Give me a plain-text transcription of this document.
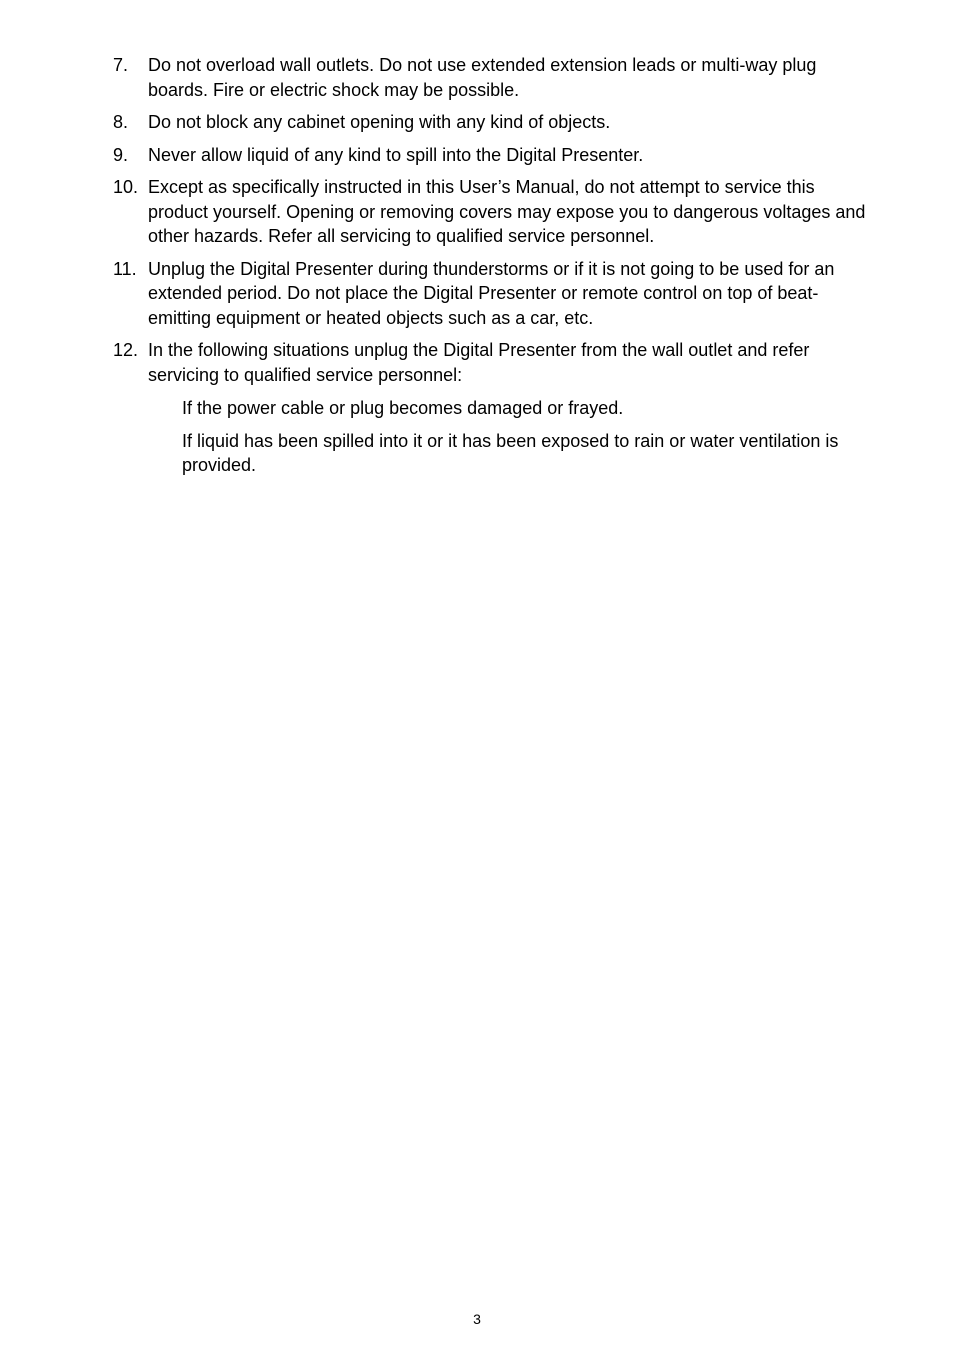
7. Do not overload wall outlets. Do not use extended extension leads or multi-way plug boards. Fire or electric shock may be possible.
8. Do not block any cabinet opening with any kind of objects.
9. Never allow liquid of any kind to spill into the Digital Presenter.
10. Except as specifically instructed in this User’s Manual, do not attempt to service this product yourself. Opening or removing covers may expose you to dangerous voltages and other hazards. Refer all servicing to qualified service personnel.
11. Unplug the Digital Presenter during thunderstorms or if it is not going to be used for an extended period. Do not place the Digital Presenter or remote control on top of beat-emitting equipment or heated objects such as a car, etc.
12. In the following situations unplug the Digital Presenter from the wall outlet and refer servicing to qualified service personnel:
If the power cable or plug becomes damaged or frayed.
If liquid has been spilled into it or it has been exposed to rain or water ventilation is provided.
3
